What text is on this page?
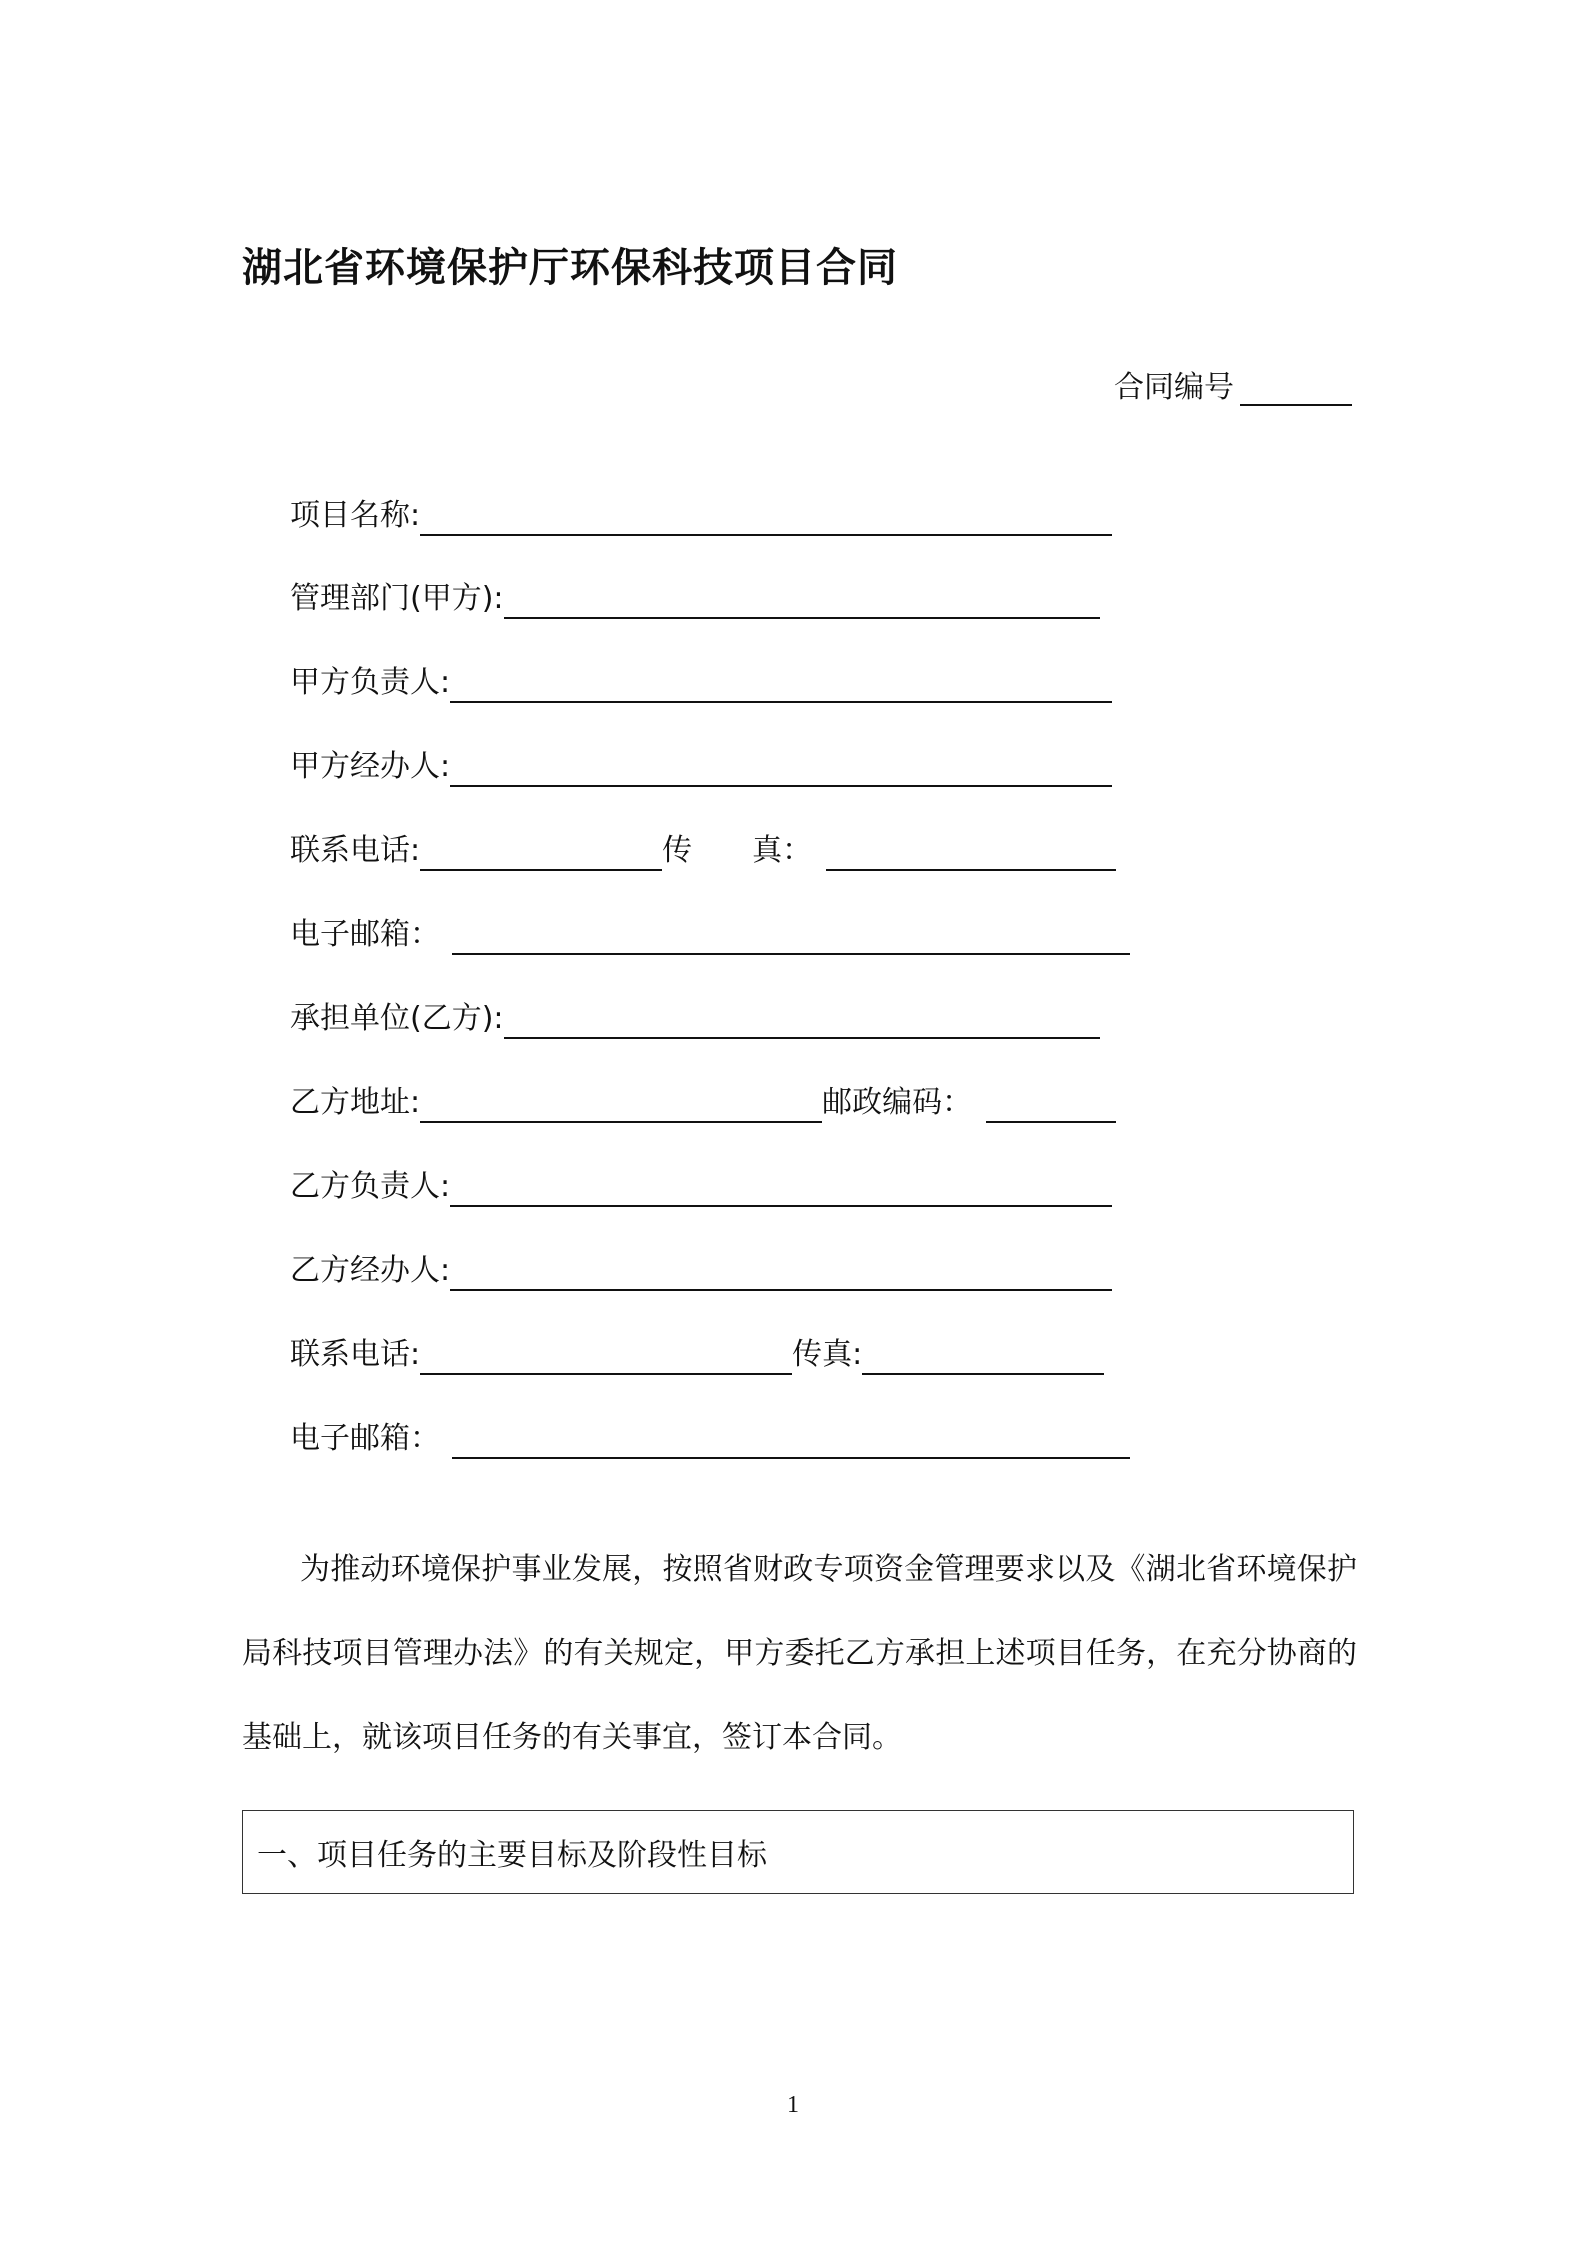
湖北省环境保护厅环保科技项目合同
合同编号
项目名称:
管理部门(甲方):
甲方负责人:
甲方经办人:
联系电话:	传　　真：
电子邮箱：
承担单位(乙方):
乙方地址:	邮政编码：
乙方负责人:
乙方经办人:
联系电话:	传真:
电子邮箱：
为推动环境保护事业发展，按照省财政专项资金管理要求以及《湖北省环境保护局科技项目管理办法》的有关规定，甲方委托乙方承担上述项目任务，在充分协商的基础上，就该项目任务的有关事宜，签订本合同。
一、项目任务的主要目标及阶段性目标
1
